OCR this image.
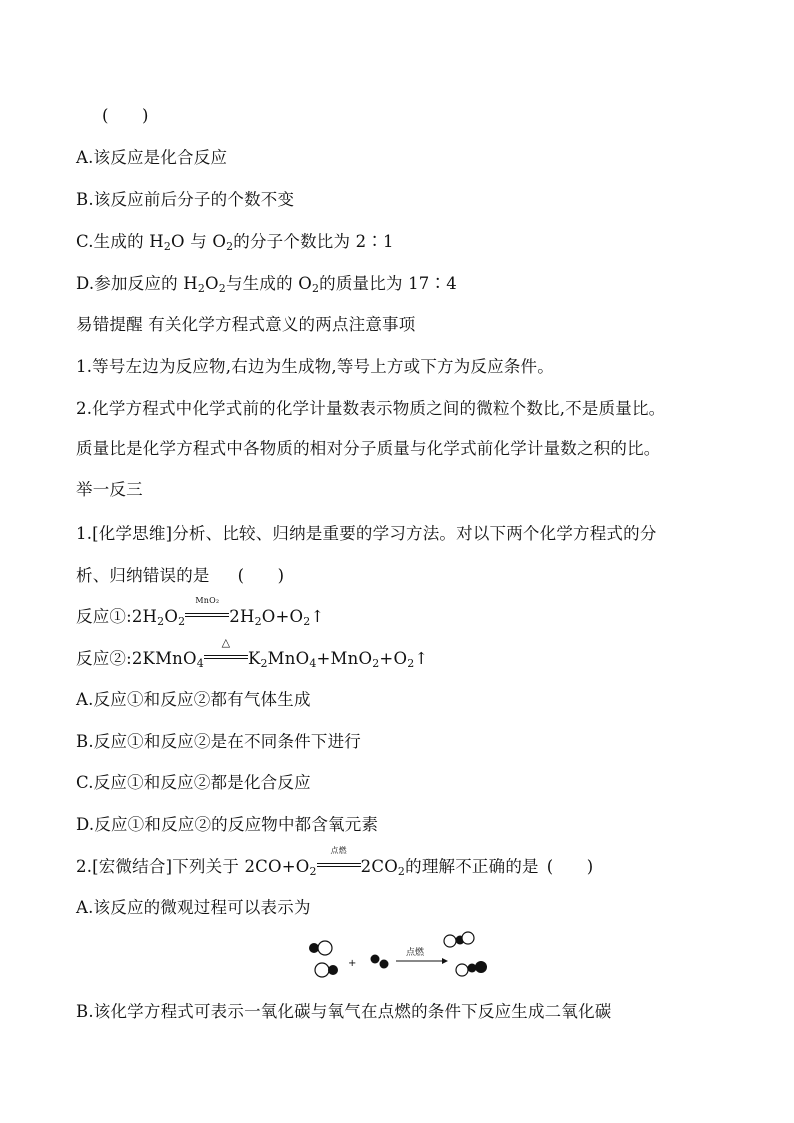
(　　)
A.该反应是化合反应
B.该反应前后分子的个数不变
C.生成的 $H_2O$ 与 $O_2$的分子个数比为 2∶1
D.参加反应的 $H_2O_2$与生成的 $O_2$的质量比为 17∶4
易错提醒 有关化学方程式意义的两点注意事项
1.等号左边为反应物,右边为生成物,等号上方或下方为反应条件。
2.化学方程式中化学式前的化学计量数表示物质之间的微粒个数比,不是质量比。
质量比是化学方程式中各物质的相对分子质量与化学式前化学计量数之积的比。
举一反三
1.[化学思维]分析、比较、归纳是重要的学习方法。对以下两个化学方程式的分
析、归纳错误的是 (　　)
反应$①:2H_2O_2$
MnO₂
$2H_2O+O_2↑$
反应②:2KMnO$_4$
△
$K_2MnO_4+MnO_2+O_2↑$
A.反应①和反应②都有气体生成
B.反应①和反应②是在不同条件下进行
C.反应①和反应②都是化合反应
D.反应①和反应②的反应物中都含氧元素
2.[宏微结合]下列关于 $2CO+O_2$
点燃
$2CO_2$的理解不正确的是 (　　)
A.该反应的微观过程可以表示为
+
点燃
B.该化学方程式可表示一氧化碳与氧气在点燃的条件下反应生成二氧化碳
